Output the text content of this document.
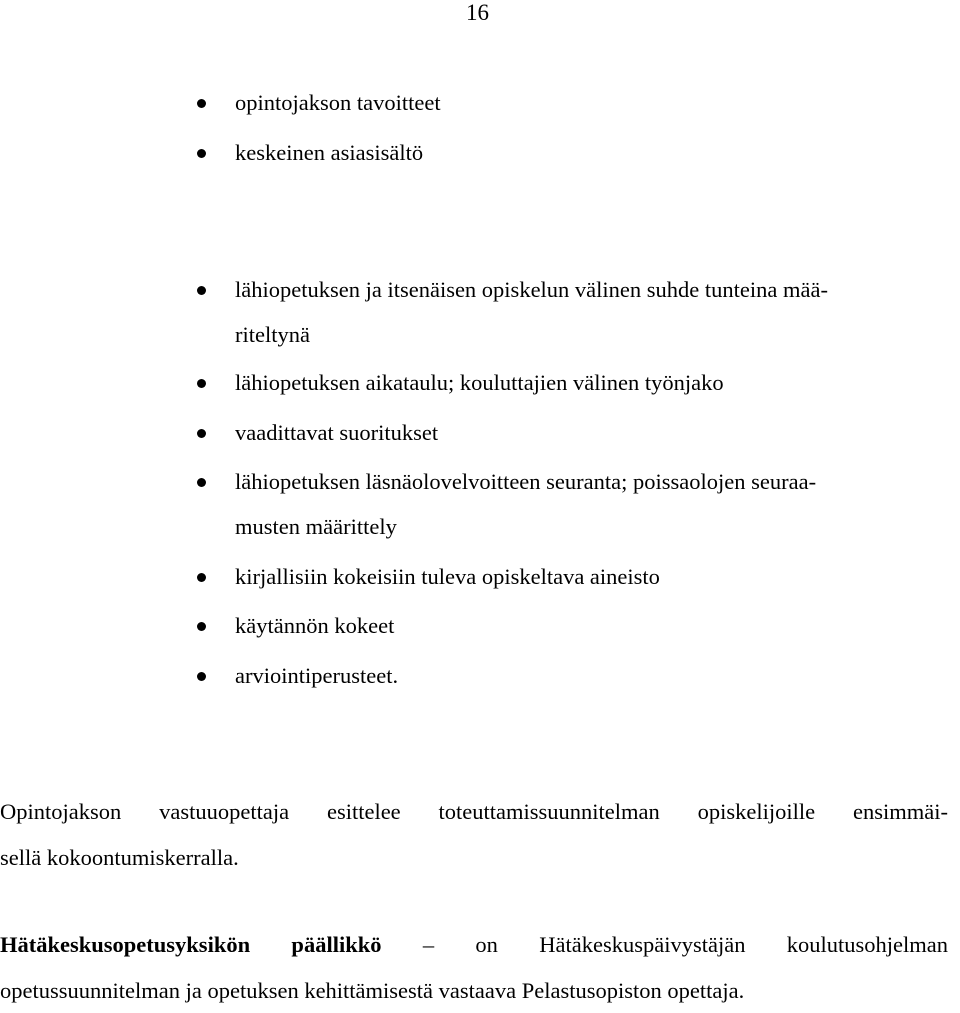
16
opintojakson tavoitteet
keskeinen asiasisältö
lähiopetuksen ja itsenäisen opiskelun välinen suhde tunteina mää-
riteltynä
lähiopetuksen aikataulu; kouluttajien välinen työnjako
vaadittavat suoritukset
lähiopetuksen läsnäolovelvoitteen seuranta; poissaolojen seuraa-
musten määrittely
kirjallisiin kokeisiin tuleva opiskeltava aineisto
käytännön kokeet
arviointiperusteet.
Opintojakson vastuuopettaja esittelee toteuttamissuunnitelman opiskelijoille ensimmäi-
sellä kokoontumiskerralla.
Hätäkeskusopetusyksikön päällikkö – on Hätäkeskuspäivystäjän koulutusohjelman
opetussuunnitelman ja opetuksen kehittämisestä vastaava Pelastusopiston opettaja.
